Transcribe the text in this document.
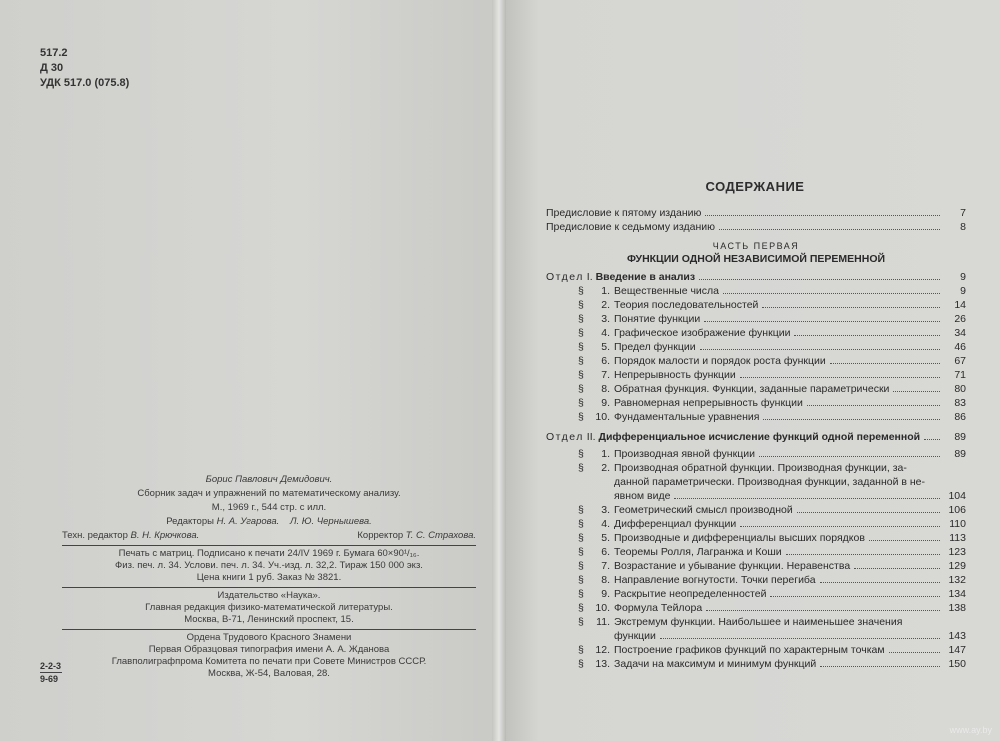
517.2
Д 30
УДК 517.0 (075.8)
Борис Павлович Демидович.
Сборник задач и упражнений по математическому анализу.
М., 1969 г., 544 стр. с илл.
Редакторы Н. А. Угарова. Л. Ю. Чернышева.
Техн. редактор В. Н. Крючкова.	Корректор Т. С. Страхова.
Печать с матриц. Подписано к печати 24/IV 1969 г. Бумага 60×90¹/₁₆.
Физ. печ. л. 34. Услови. печ. л. 34. Уч.-изд. л. 32,2. Тираж 150 000 экз.
Цена книги 1 руб. Заказ № 3821.
Издательство «Наука».
Главная редакция физико-математической литературы.
Москва, В-71, Ленинский проспект, 15.
Ордена Трудового Красного Знамени
Первая Образцовая типография имени А. А. Жданова
Главполиграфпрома Комитета по печати при Совете Министров СССР.
Москва, Ж-54, Валовая, 28.
2-2-3
9-69
СОДЕРЖАНИЕ
Предисловие к пятому изданию	7
Предисловие к седьмому изданию	8
ЧАСТЬ ПЕРВАЯ
ФУНКЦИИ ОДНОЙ НЕЗАВИСИМОЙ ПЕРЕМЕННОЙ
Отдел I. Введение в анализ	9
§ 1. Вещественные числа	9
§ 2. Теория последовательностей	14
§ 3. Понятие функции	26
§ 4. Графическое изображение функции	34
§ 5. Предел функции	46
§ 6. Порядок малости и порядок роста функции	67
§ 7. Непрерывность функции	71
§ 8. Обратная функция. Функции, заданные параметрически	80
§ 9. Равномерная непрерывность функции	83
§ 10. Фундаментальные уравнения	86
Отдел II. Дифференциальное исчисление функций одной переменной	89
§ 1. Производная явной функции	89
§ 2. Производная обратной функции. Производная функции, за-
данной параметрически. Производная функции, заданной в не-
явном виде	104
§ 3. Геометрический смысл производной	106
§ 4. Дифференциал функции	110
§ 5. Производные и дифференциалы высших порядков	113
§ 6. Теоремы Ролля, Лагранжа и Коши	123
§ 7. Возрастание и убывание функции. Неравенства	129
§ 8. Направление вогнутости. Точки перегиба	132
§ 9. Раскрытие неопределенностей	134
§ 10. Формула Тейлора	138
§ 11. Экстремум функции. Наибольшее и наименьшее значения
функции	143
§ 12. Построение графиков функций по характерным точкам	147
§ 13. Задачи на максимум и минимум функций	150
www.ay.by
